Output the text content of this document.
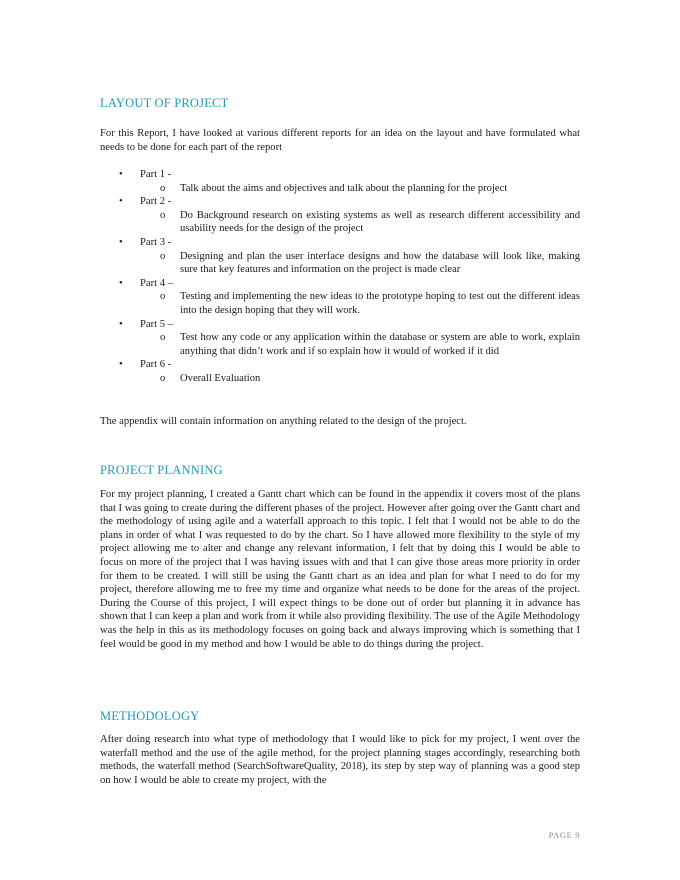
LAYOUT OF PROJECT

For this Report, I have looked at various different reports for an idea on the layout and have formulated what needs to be done for each part of the report

• Part 1 -
o Talk about the aims and objectives and talk about the planning for the project
• Part 2 -
o Do Background research on existing systems as well as research different accessibility and usability needs for the design of the project
• Part 3 -
o Designing and plan the user interface designs and how the database will look like, making sure that key features and information on the project is made clear
• Part 4 –
o Testing and implementing the new ideas to the prototype hoping to test out the different ideas into the design hoping that they will work.
• Part 5 –
o Test how any code or any application within the database or system are able to work, explain anything that didn’t work and if so explain how it would of worked if it did
• Part 6 -
o Overall Evaluation

The appendix will contain information on anything related to the design of the project.

PROJECT PLANNING

For my project planning, I created a Gantt chart which can be found in the appendix it covers most of the plans that I was going to create during the different phases of the project. However after going over the Gantt chart and the methodology of using agile and a waterfall approach to this topic. I felt that I would not be able to do the plans in order of what I was requested to do by the chart. So I have allowed more flexibility to the style of my project allowing me to alter and change any relevant information, I felt that by doing this I would be able to focus on more of the project that I was having issues with and that I can give those areas more priority in order for them to be created. I will still be using the Gantt chart as an idea and plan for what I need to do for my project, therefore allowing me to free my time and organize what needs to be done for the areas of the project. During the Course of this project, I will expect things to be done out of order but planning it in advance has shown that I can keep a plan and work from it while also providing flexibility. The use of the Agile Methodology was the help in this as its methodology focuses on going back and always improving which is something that I feel would be good in my method and how I would be able to do things during the project.

METHODOLOGY

After doing research into what type of methodology that I would like to pick for my project, I went over the waterfall method and the use of the agile method, for the project planning stages accordingly, researching both methods, the waterfall method (SearchSoftwareQuality, 2018), its step by step way of planning was a good step on how I would be able to create my project, with the

PAGE 9
